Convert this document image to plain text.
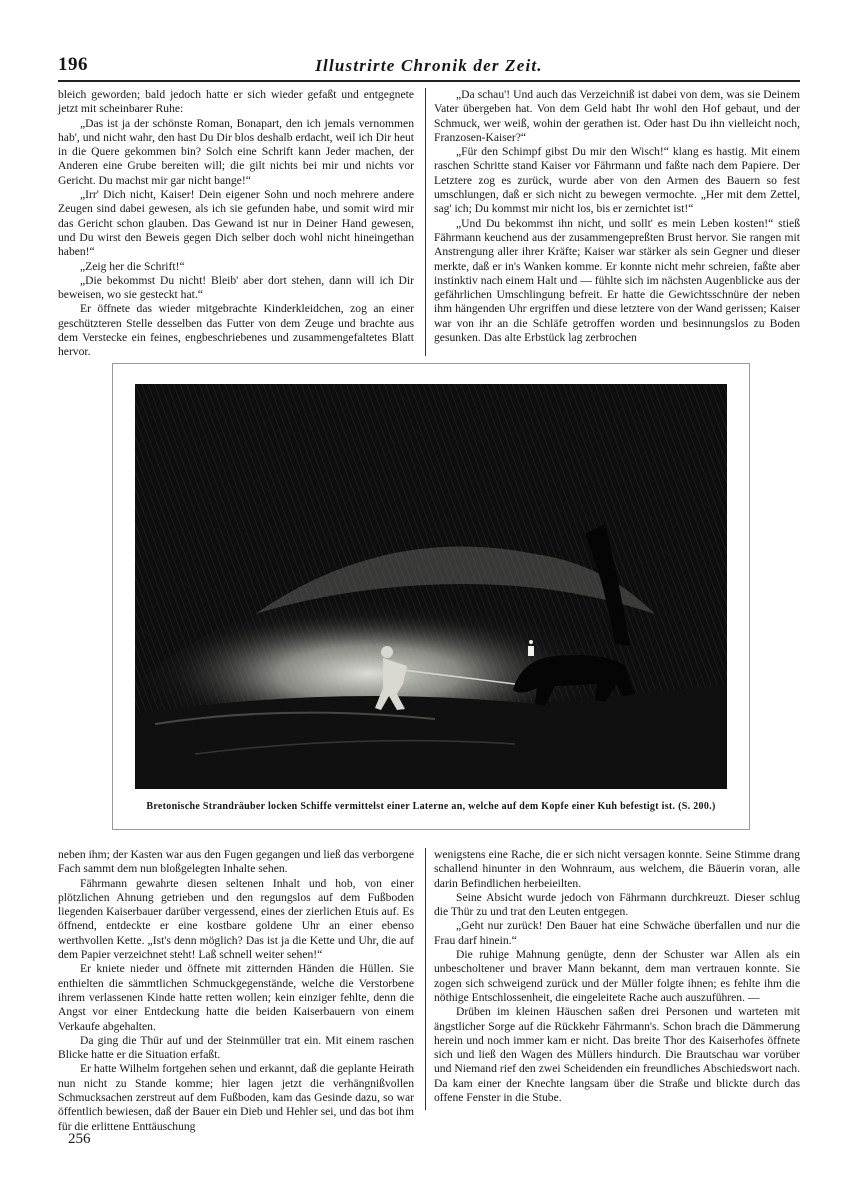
196	Illustrirte Chronik der Zeit.

bleich geworden; bald jedoch hatte er sich wieder gefaßt und entgegnete jetzt mit scheinbarer Ruhe:

„Das ist ja der schönste Roman, Bonapart, den ich jemals vernommen hab', und nicht wahr, den hast Du Dir blos deshalb erdacht, weil ich Dir heut in die Quere gekommen bin? Solch eine Schrift kann Jeder machen, der Anderen eine Grube bereiten will; die gilt nichts bei mir und nichts vor Gericht. Du machst mir gar nicht bange!“

„Irr' Dich nicht, Kaiser! Dein eigener Sohn und noch mehrere andere Zeugen sind dabei gewesen, als ich sie gefunden habe, und somit wird mir das Gericht schon glauben. Das Gewand ist nur in Deiner Hand gewesen, und Du wirst den Beweis gegen Dich selber doch wohl nicht hineingethan haben!“

„Zeig her die Schrift!“

„Die bekommst Du nicht! Bleib' aber dort stehen, dann will ich Dir beweisen, wo sie gesteckt hat.“

Er öffnete das wieder mitgebrachte Kinderkleidchen, zog an einer geschützteren Stelle desselben das Futter von dem Zeuge und brachte aus dem Verstecke ein feines, engbeschriebenes und zusammengefaltetes Blatt hervor.

„Da schau'! Und auch das Verzeichniß ist dabei von dem, was sie Deinem Vater übergeben hat. Von dem Geld habt Ihr wohl den Hof gebaut, und der Schmuck, wer weiß, wohin der gerathen ist. Oder hast Du ihn vielleicht noch, Franzosen-Kaiser?“

„Für den Schimpf gibst Du mir den Wisch!“ klang es hastig. Mit einem raschen Schritte stand Kaiser vor Fährmann und faßte nach dem Papiere. Der Letztere zog es zurück, wurde aber von den Armen des Bauern so fest umschlungen, daß er sich nicht zu bewegen vermochte. „Her mit dem Zettel, sag' ich; Du kommst mir nicht los, bis er zernichtet ist!“

„Und Du bekommst ihn nicht, und sollt' es mein Leben kosten!“ stieß Fährmann keuchend aus der zusammengepreßten Brust hervor. Sie rangen mit Anstrengung aller ihrer Kräfte; Kaiser war stärker als sein Gegner und dieser merkte, daß er in's Wanken komme. Er konnte nicht mehr schreien, faßte aber instinktiv nach einem Halt und — fühlte sich im nächsten Augenblicke aus der gefährlichen Umschlingung befreit. Er hatte die Gewichtsschnüre der neben ihm hängenden Uhr ergriffen und diese letztere von der Wand gerissen; Kaiser war von ihr an die Schläfe getroffen worden und besinnungslos zu Boden gesunken. Das alte Erbstück lag zerbrochen

Bretonische Strandräuber locken Schiffe vermittelst einer Laterne an, welche auf dem Kopfe einer Kuh befestigt ist. (S. 200.)

neben ihm; der Kasten war aus den Fugen gegangen und ließ das verborgene Fach sammt dem nun bloßgelegten Inhalte sehen.

Fährmann gewahrte diesen seltenen Inhalt und hob, von einer plötzlichen Ahnung getrieben und den regungslos auf dem Fußboden liegenden Kaiserbauer darüber vergessend, eines der zierlichen Etuis auf. Es öffnend, entdeckte er eine kostbare goldene Uhr an einer ebenso werthvollen Kette. „Ist's denn möglich? Das ist ja die Kette und Uhr, die auf dem Papier verzeichnet steht! Laß schnell weiter sehen!“

Er kniete nieder und öffnete mit zitternden Händen die Hüllen. Sie enthielten die sämmtlichen Schmuckgegenstände, welche die Verstorbene ihrem verlassenen Kinde hatte retten wollen; kein einziger fehlte, denn die Angst vor einer Entdeckung hatte die beiden Kaiserbauern von einem Verkaufe abgehalten.

Da ging die Thür auf und der Steinmüller trat ein. Mit einem raschen Blicke hatte er die Situation erfaßt.

Er hatte Wilhelm fortgehen sehen und erkannt, daß die geplante Heirath nun nicht zu Stande komme; hier lagen jetzt die verhängnißvollen Schmucksachen zerstreut auf dem Fußboden, kam das Gesinde dazu, so war öffentlich bewiesen, daß der Bauer ein Dieb und Hehler sei, und das bot ihm für die erlittene Enttäuschung

wenigstens eine Rache, die er sich nicht versagen konnte. Seine Stimme drang schallend hinunter in den Wohnraum, aus welchem, die Bäuerin voran, alle darin Befindlichen herbeieilten.

Seine Absicht wurde jedoch von Fährmann durchkreuzt. Dieser schlug die Thür zu und trat den Leuten entgegen.

„Geht nur zurück! Den Bauer hat eine Schwäche überfallen und nur die Frau darf hinein.“

Die ruhige Mahnung genügte, denn der Schuster war Allen als ein unbescholtener und braver Mann bekannt, dem man vertrauen konnte. Sie zogen sich schweigend zurück und der Müller folgte ihnen; es fehlte ihm die nöthige Entschlossenheit, die eingeleitete Rache auch auszuführen. —

Drüben im kleinen Häuschen saßen drei Personen und warteten mit ängstlicher Sorge auf die Rückkehr Fährmann's. Schon brach die Dämmerung herein und noch immer kam er nicht. Das breite Thor des Kaiserhofes öffnete sich und ließ den Wagen des Müllers hindurch. Die Brautschau war vorüber und Niemand rief den zwei Scheidenden ein freundliches Abschiedswort nach. Da kam einer der Knechte langsam über die Straße und blickte durch das offene Fenster in die Stube.

256
